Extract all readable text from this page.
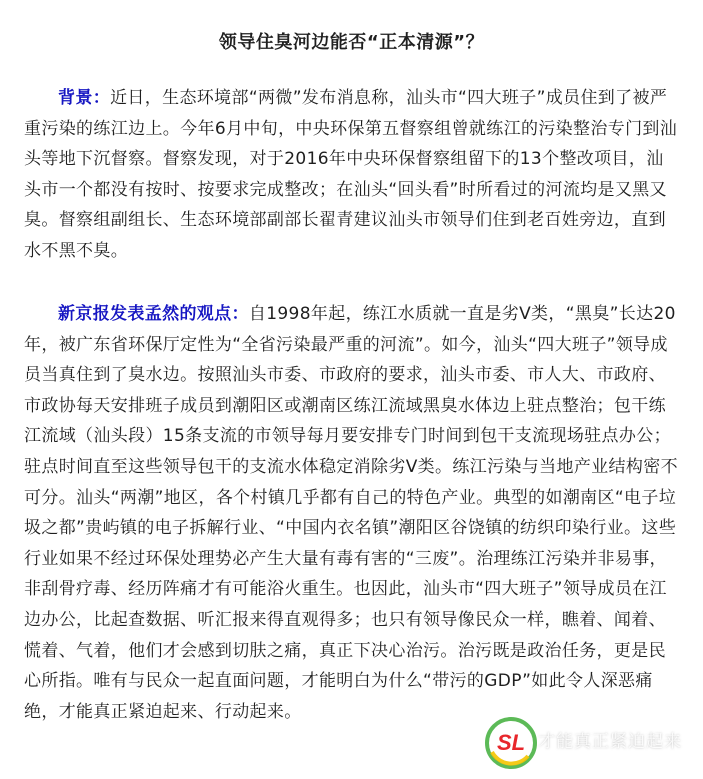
领导住臭河边能否“正本清源”？

背景：近日，生态环境部“两微”发布消息称，汕头市“四大班子”成员住到了被严重污染的练江边上。今年6月中旬，中央环保第五督察组曾就练江的污染整治专门到汕头等地下沉督察。督察发现，对于2016年中央环保督察组留下的13个整改项目，汕头市一个都没有按时、按要求完成整改；在汕头“回头看”时所看过的河流均是又黑又臭。督察组副组长、生态环境部副部长翟青建议汕头市领导们住到老百姓旁边，直到水不黑不臭。

新京报发表孟然的观点：自1998年起，练江水质就一直是劣Ⅴ类，“黑臭”长达20年，被广东省环保厅定性为“全省污染最严重的河流”。如今，汕头“四大班子”领导成员当真住到了臭水边。按照汕头市委、市政府的要求，汕头市委、市人大、市政府、市政协每天安排班子成员到潮阳区或潮南区练江流域黑臭水体边上驻点整治；包干练江流域（汕头段）15条支流的市领导每月要安排专门时间到包干支流现场驻点办公；驻点时间直至这些领导包干的支流水体稳定消除劣V类。练江污染与当地产业结构密不可分。汕头“两潮”地区，各个村镇几乎都有自己的特色产业。典型的如潮南区“电子垃圾之都”贵屿镇的电子拆解行业、“中国内衣名镇”潮阳区谷饶镇的纺织印染行业。这些行业如果不经过环保处理势必产生大量有毒有害的“三废”。治理练江污染并非易事，非刮骨疗毒、经历阵痛才有可能浴火重生。也因此，汕头市“四大班子”领导成员在江边办公，比起查数据、听汇报来得直观得多；也只有领导像民众一样，瞧着、闻着、慌着、气着，他们才会感到切肤之痛，真正下决心治污。治污既是政治任务，更是民心所指。唯有与民众一起直面问题，才能明白为什么“带污的GDP”如此令人深恶痛绝，才能真正紧迫起来、行动起来。

SL 才能真正紧迫起来
